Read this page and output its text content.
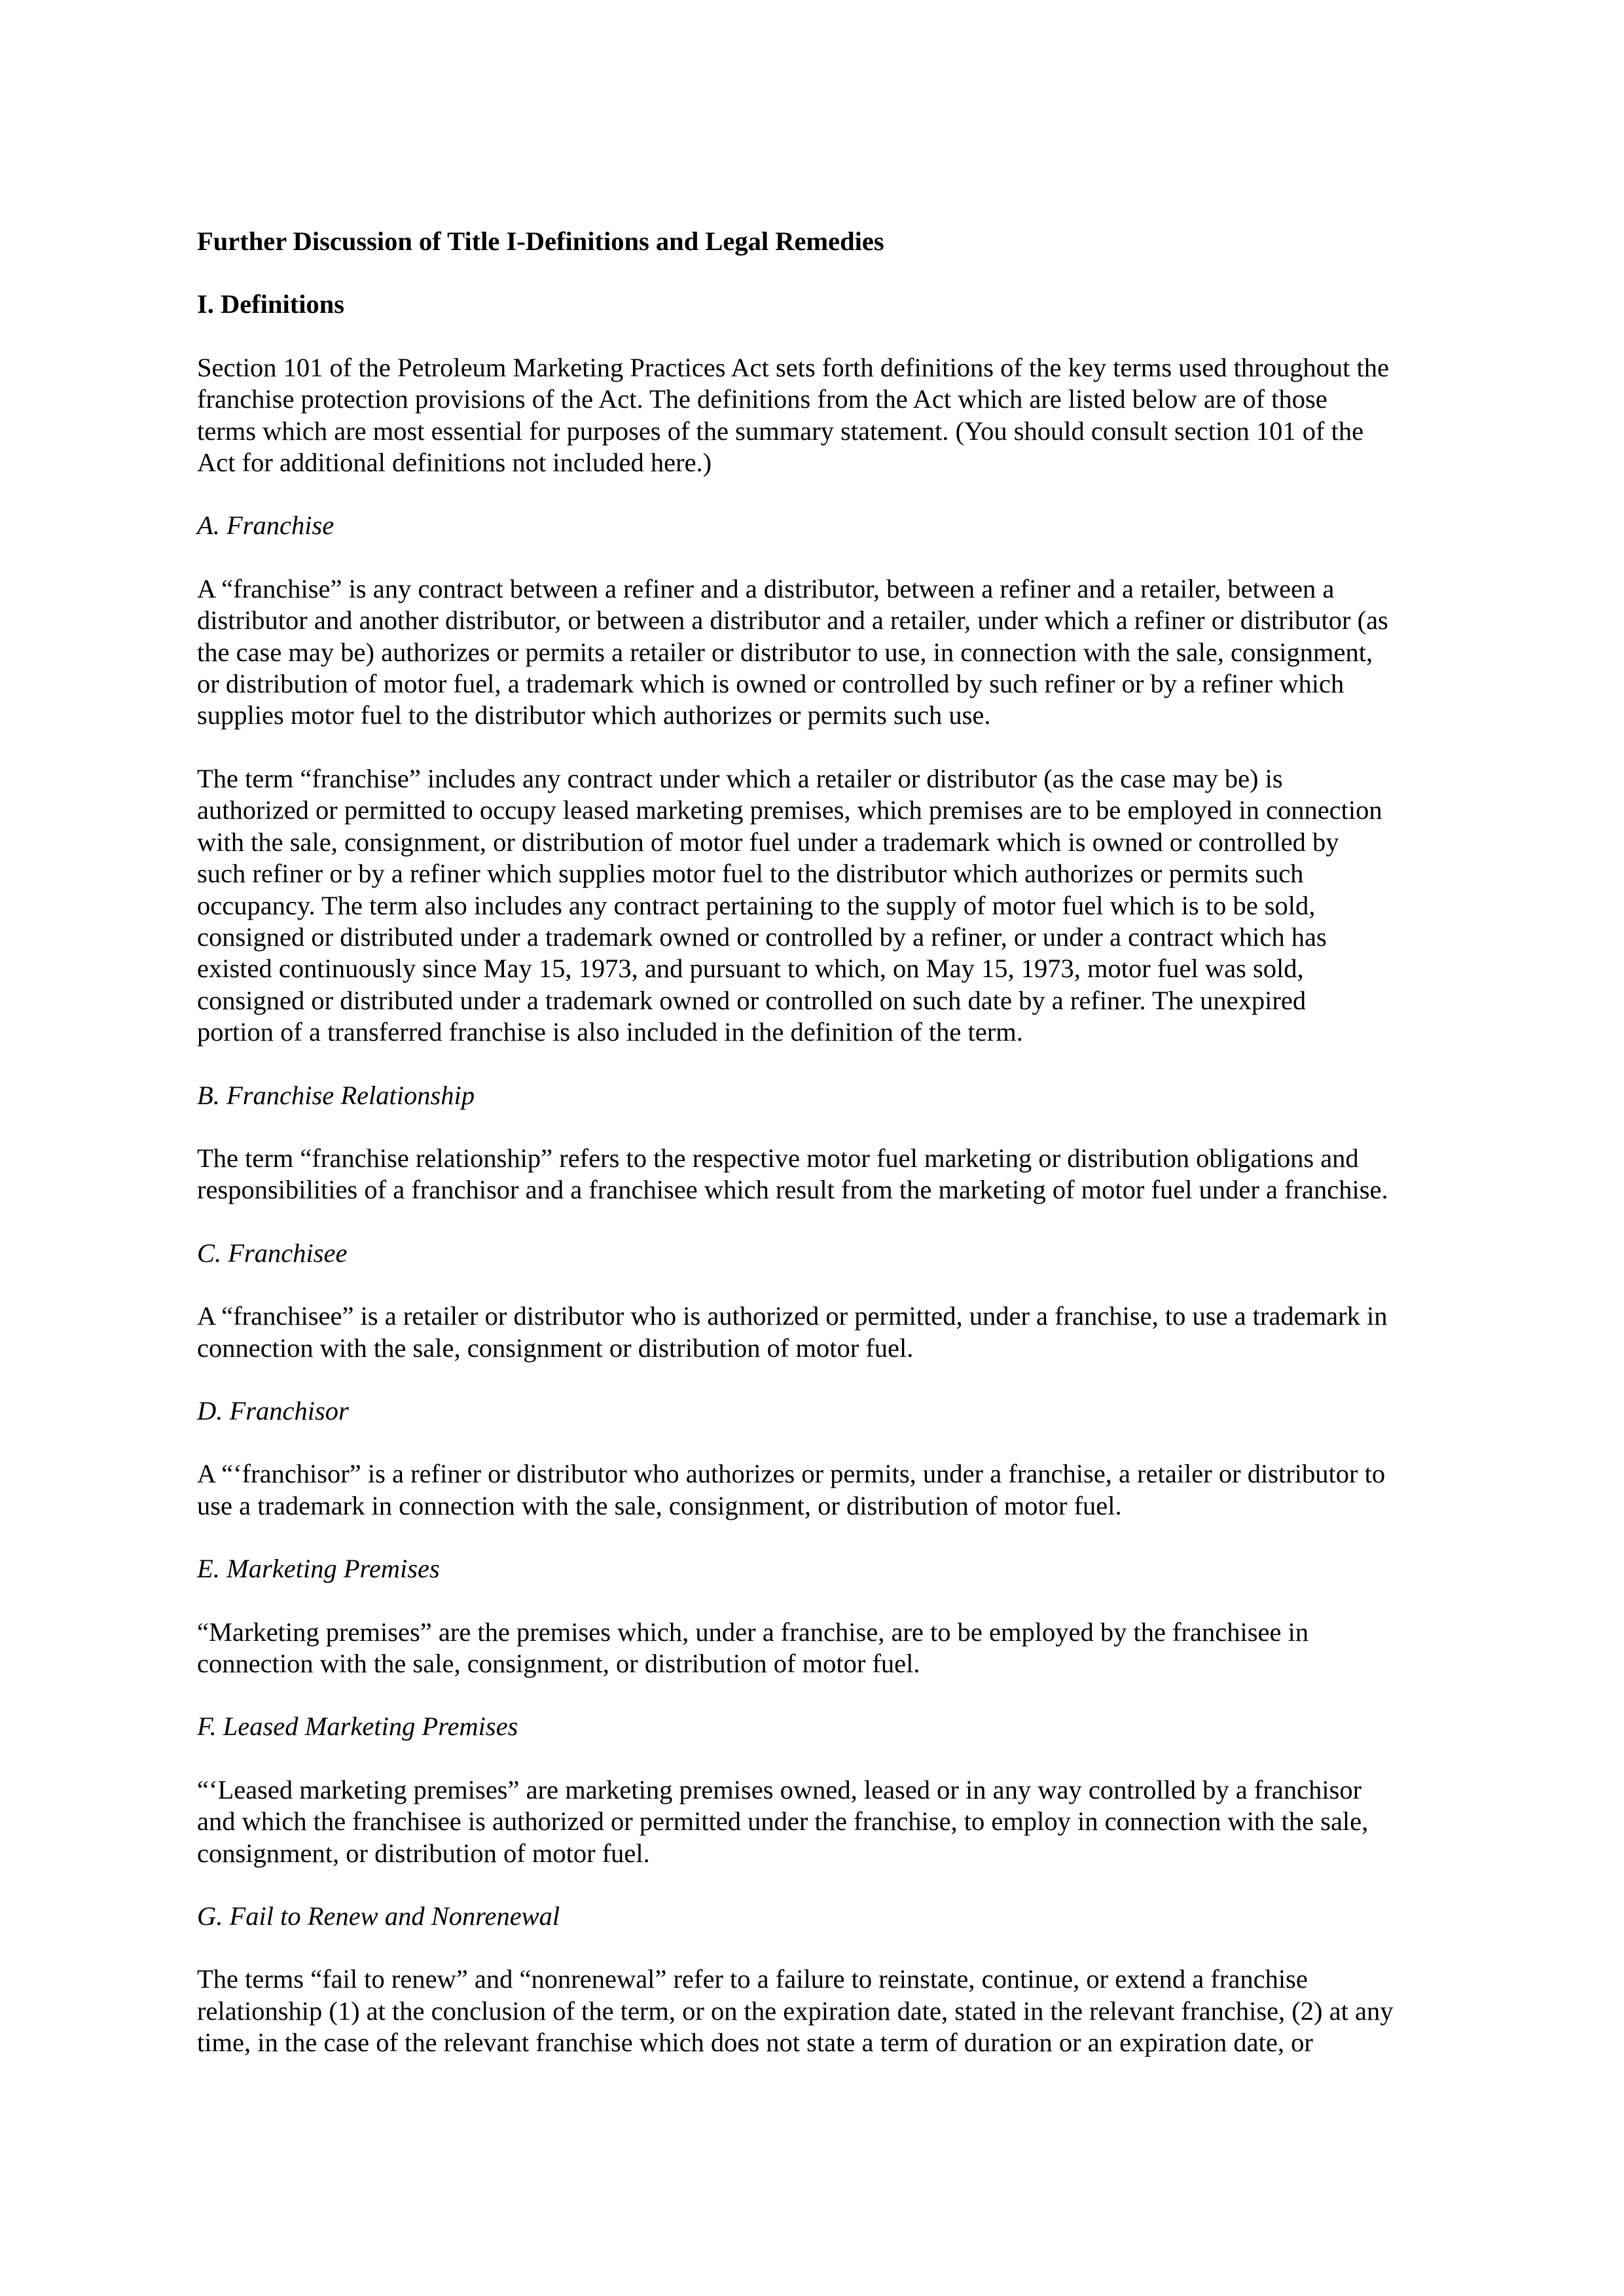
Further Discussion of Title I-Definitions and Legal Remedies
I. Definitions

Section 101 of the Petroleum Marketing Practices Act sets forth definitions of the key terms used throughout the
franchise protection provisions of the Act. The definitions from the Act which are listed below are of those
terms which are most essential for purposes of the summary statement. (You should consult section 101 of the
Act for additional definitions not included here.)

A. Franchise

A “franchise” is any contract between a refiner and a distributor, between a refiner and a retailer, between a
distributor and another distributor, or between a distributor and a retailer, under which a refiner or distributor (as
the case may be) authorizes or permits a retailer or distributor to use, in connection with the sale, consignment,
or distribution of motor fuel, a trademark which is owned or controlled by such refiner or by a refiner which
supplies motor fuel to the distributor which authorizes or permits such use.

The term “franchise” includes any contract under which a retailer or distributor (as the case may be) is
authorized or permitted to occupy leased marketing premises, which premises are to be employed in connection
with the sale, consignment, or distribution of motor fuel under a trademark which is owned or controlled by
such refiner or by a refiner which supplies motor fuel to the distributor which authorizes or permits such
occupancy. The term also includes any contract pertaining to the supply of motor fuel which is to be sold,
consigned or distributed under a trademark owned or controlled by a refiner, or under a contract which has
existed continuously since May 15, 1973, and pursuant to which, on May 15, 1973, motor fuel was sold,
consigned or distributed under a trademark owned or controlled on such date by a refiner. The unexpired
portion of a transferred franchise is also included in the definition of the term.

B. Franchise Relationship

The term “franchise relationship” refers to the respective motor fuel marketing or distribution obligations and
responsibilities of a franchisor and a franchisee which result from the marketing of motor fuel under a franchise.

C. Franchisee

A “franchisee” is a retailer or distributor who is authorized or permitted, under a franchise, to use a trademark in
connection with the sale, consignment or distribution of motor fuel.

D. Franchisor

A “‘franchisor” is a refiner or distributor who authorizes or permits, under a franchise, a retailer or distributor to
use a trademark in connection with the sale, consignment, or distribution of motor fuel.

E. Marketing Premises

“Marketing premises” are the premises which, under a franchise, are to be employed by the franchisee in
connection with the sale, consignment, or distribution of motor fuel.

F. Leased Marketing Premises

“‘Leased marketing premises” are marketing premises owned, leased or in any way controlled by a franchisor
and which the franchisee is authorized or permitted under the franchise, to employ in connection with the sale,
consignment, or distribution of motor fuel.

G. Fail to Renew and Nonrenewal

The terms “fail to renew” and “nonrenewal” refer to a failure to reinstate, continue, or extend a franchise
relationship (1) at the conclusion of the term, or on the expiration date, stated in the relevant franchise, (2) at any
time, in the case of the relevant franchise which does not state a term of duration or an expiration date, or
